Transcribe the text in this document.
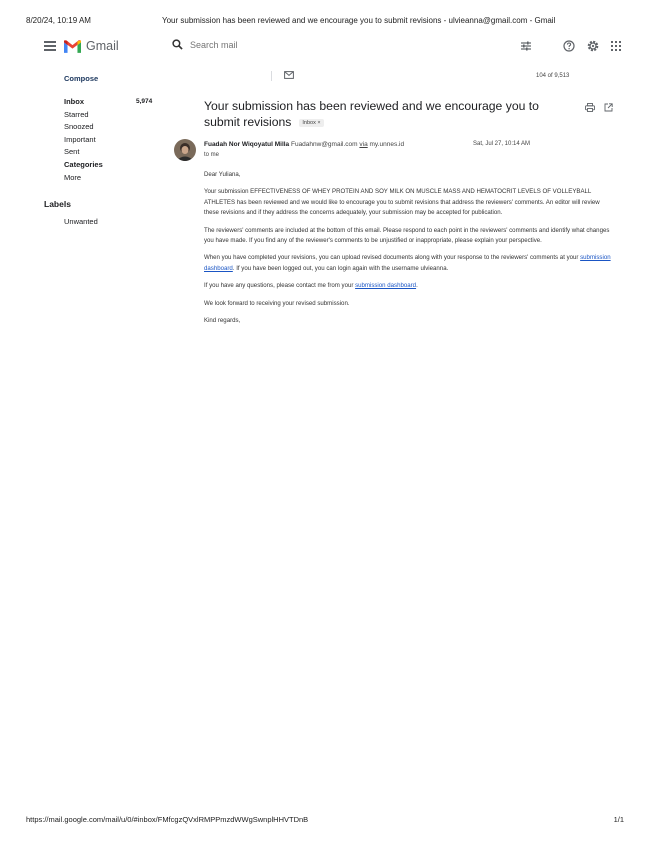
8/20/24, 10:19 AM	Your submission has been reviewed and we encourage you to submit revisions - ulvieanna@gmail.com - Gmail
Gmail
Search mail
Compose
Inbox	5,974
Starred
Snoozed
Important
Sent
Categories
More
Labels
Unwanted
104 of 9,513
Your submission has been reviewed and we encourage you to submit revisions Inbox ×
Fuadah Nor Wiqoyatul Milla Fuadahnw@gmail.com via my.unnes.id	Sat, Jul 27, 10:14 AM
to me

Dear Yuliana,

Your submission EFFECTIVENESS OF WHEY PROTEIN AND SOY MILK ON MUSCLE MASS AND HEMATOCRIT LEVELS OF VOLLEYBALL ATHLETES has been reviewed and we would like to encourage you to submit revisions that address the reviewers' comments. An editor will review these revisions and if they address the concerns adequately, your submission may be accepted for publication.

The reviewers' comments are included at the bottom of this email. Please respond to each point in the reviewers' comments and identify what changes you have made. If you find any of the reviewer's comments to be unjustified or inappropriate, please explain your perspective.

When you have completed your revisions, you can upload revised documents along with your response to the reviewers' comments at your submission dashboard. If you have been logged out, you can login again with the username ulvieanna.

If you have any questions, please contact me from your submission dashboard.

We look forward to receiving your revised submission.

Kind regards,

https://mail.google.com/mail/u/0/#inbox/FMfcgzQVxlRMPPmzdWWgSwnplHHVTDnB	1/1
